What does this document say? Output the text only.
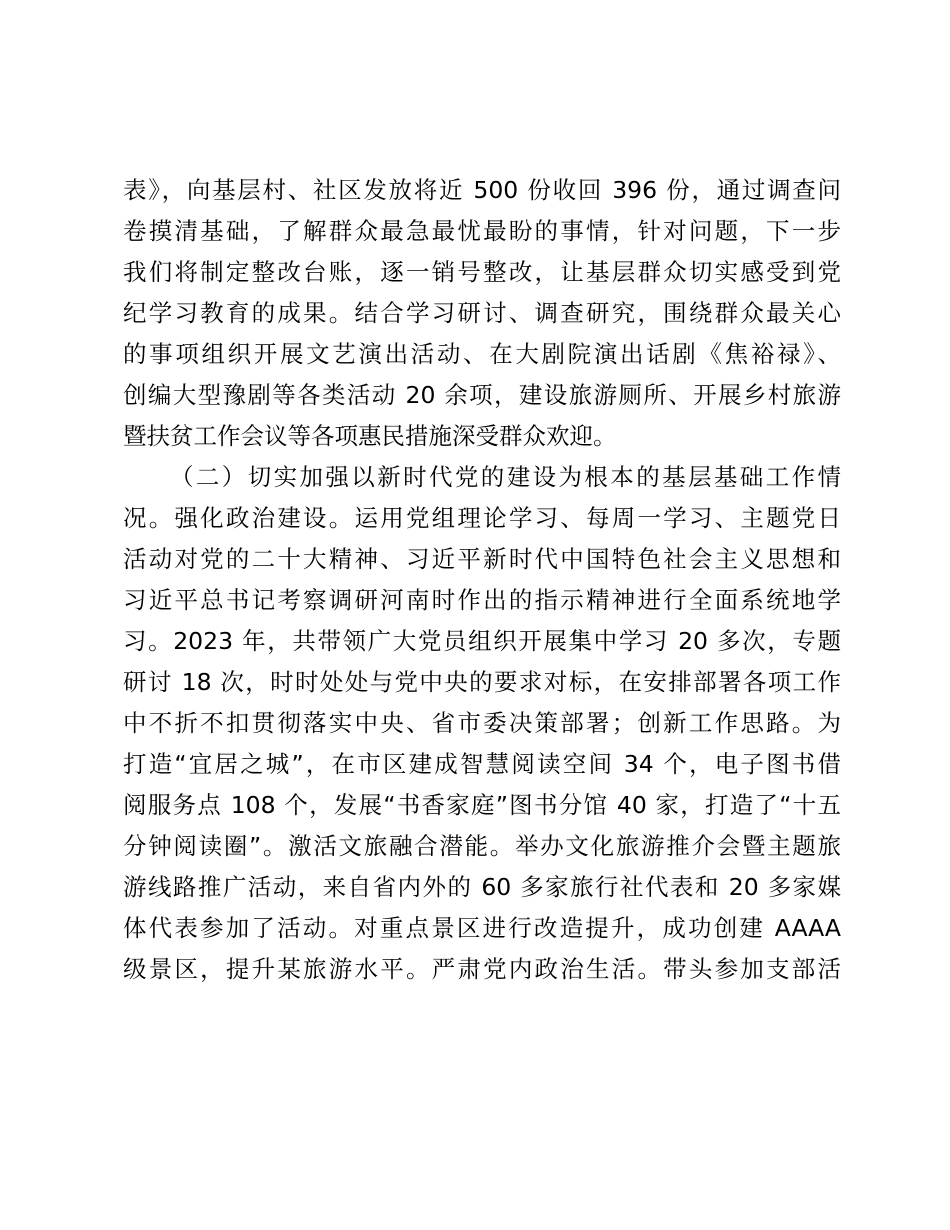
表》，向基层村、社区发放将近 500 份收回 396 份，通过调查问
卷摸清基础，了解群众最急最忧最盼的事情，针对问题，下一步
我们将制定整改台账，逐一销号整改，让基层群众切实感受到党
纪学习教育的成果。结合学习研讨、调查研究，围绕群众最关心
的事项组织开展文艺演出活动、在大剧院演出话剧《焦裕禄》、
创编大型豫剧等各类活动 20 余项，建设旅游厕所、开展乡村旅游
暨扶贫工作会议等各项惠民措施深受群众欢迎。
（二）切实加强以新时代党的建设为根本的基层基础工作情
况。强化政治建设。运用党组理论学习、每周一学习、主题党日
活动对党的二十大精神、习近平新时代中国特色社会主义思想和
习近平总书记考察调研河南时作出的指示精神进行全面系统地学
习。2023 年，共带领广大党员组织开展集中学习 20 多次，专题
研讨 18 次，时时处处与党中央的要求对标，在安排部署各项工作
中不折不扣贯彻落实中央、省市委决策部署；创新工作思路。为
打造“宜居之城”，在市区建成智慧阅读空间 34 个，电子图书借
阅服务点 108 个，发展“书香家庭”图书分馆 40 家，打造了“十五
分钟阅读圈”。激活文旅融合潜能。举办文化旅游推介会暨主题旅
游线路推广活动，来自省内外的 60 多家旅行社代表和 20 多家媒
体代表参加了活动。对重点景区进行改造提升，成功创建 AAAA
级景区，提升某旅游水平。严肃党内政治生活。带头参加支部活
